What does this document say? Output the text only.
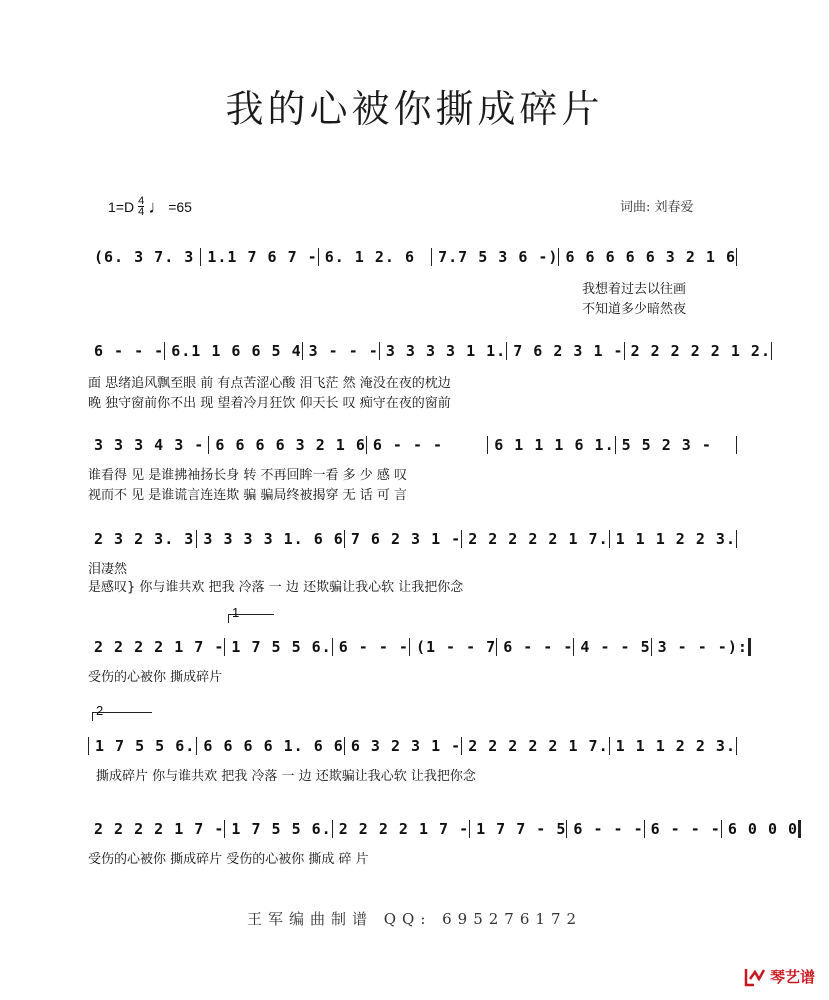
我的心被你撕成碎片
1=D 4
4 ♩ =65	词曲: 刘春爱
(6. 3 7. 3 1.1 7 6 7 - 6. 1 2. 6	7.7 5 3 6 -) 6 6 6 6 6 3 2 1 6
我想着过去以往画
不知道多少暗然夜
6 - - - 6.1 1 6 6 5 4 3 - - - 3 3 3 3 1 1. 7 6 2 3 1 - 2 2 2 2 2 1 2.
面 思绪追风飘至眼 前 有点苦涩心酸 泪飞茫 然 淹没在夜的枕边
晚 独守窗前你不出 现 望着冷月狂饮 仰天长 叹 痴守在夜的窗前
3 3 3 4 3 - 6 6 6 6 3 2 1 6 6 - - -	6 1 1 1 6 1. 5 5 2 3 -
谁看得 见 是谁拂袖扬长身 转 不再回眸一看 多 少 感 叹
视而不 见 是谁谎言连连欺 骗 骗局终被揭穿 无 话 可 言
2 3 2 3. 3 3 3 3 3 1. 6 6 7 6 2 3 1 - 2 2 2 2 2 1 7. 1 1 1 2 2 3.
泪凄然
是感叹} 你与谁共欢 把我 冷落 一 边 还欺骗让我心软 让我把你念
1
2 2 2 2 1 7 - 1 7 5 5 6. 6 - - - (1 - - 7 6 - - - 4 - - 5 3 - - -):
受伤的心被你 撕成碎片
2
1 7 5 5 6. 6 6 6 6 1. 6 6 6 3 2 3 1 - 2 2 2 2 2 1 7. 1 1 1 2 2 3.
撕成碎片 你与谁共欢 把我 冷落 一 边 还欺骗让我心软 让我把你念
2 2 2 2 1 7 - 1 7 5 5 6. 2 2 2 2 1 7 - 1 7 7 - 5 6 - - - 6 - - - 6 0 0 0
受伤的心被你 撕成碎片 受伤的心被你 撕成 碎 片
王军编曲制谱 QQ: 695276172
琴艺谱
